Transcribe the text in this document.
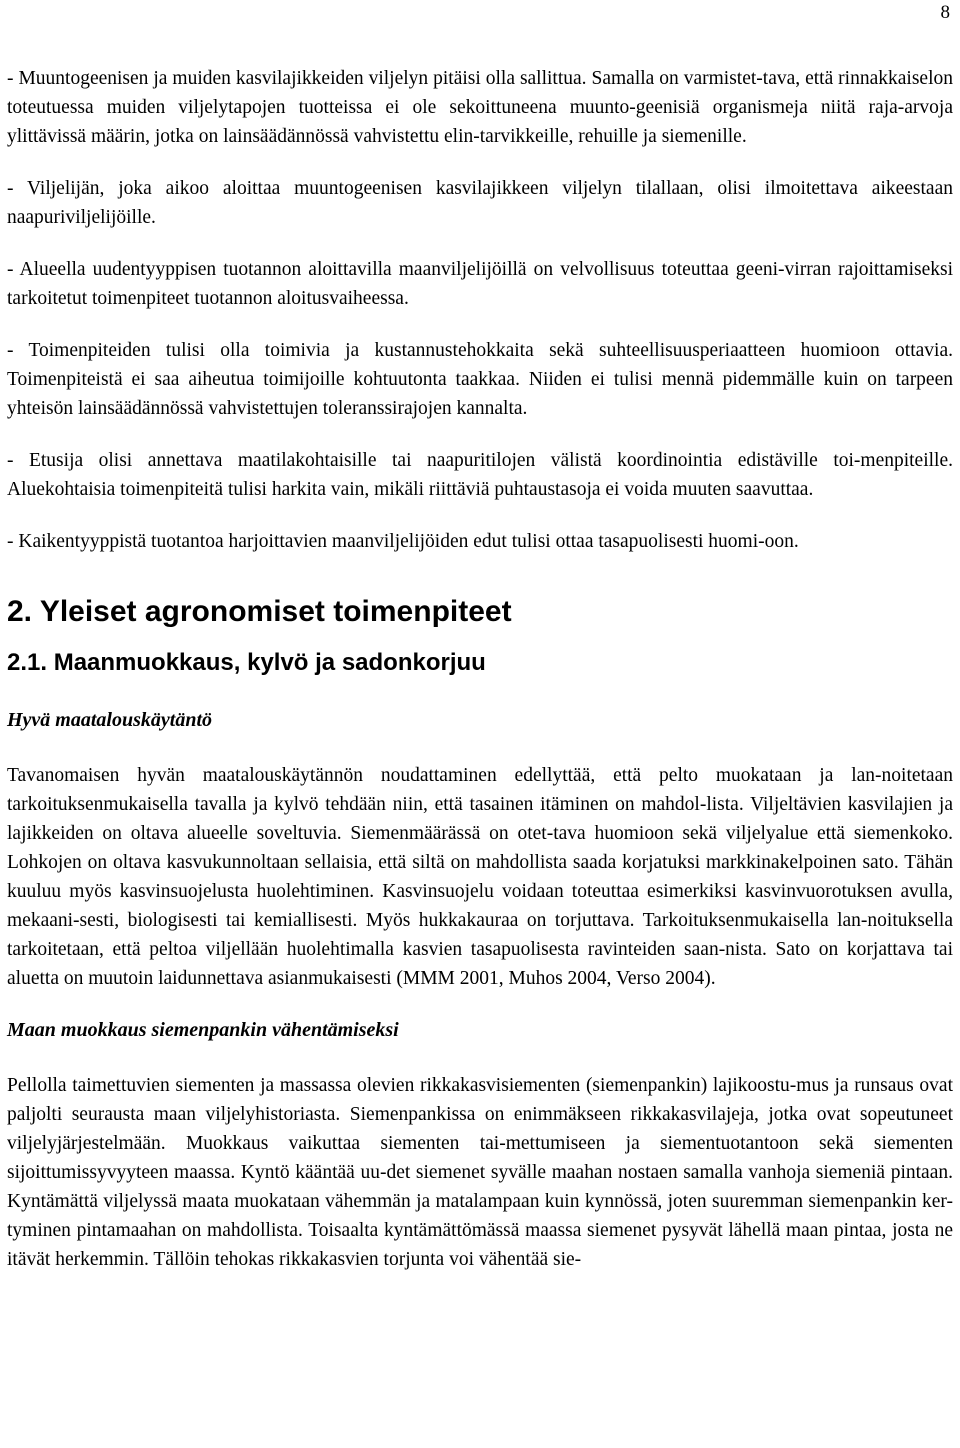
8

- Muuntogeenisen ja muiden kasvilajikkeiden viljelyn pitäisi olla sallittua. Samalla on varmistet-tava, että rinnakkaiselon toteutuessa muiden viljelytapojen tuotteissa ei ole sekoittuneena muunto-geenisiä organismeja niitä raja-arvoja ylittävissä määrin, jotka on lainsäädännössä vahvistettu elin-tarvikkeille, rehuille ja siemenille.

- Viljelijän, joka aikoo aloittaa muuntogeenisen kasvilajikkeen viljelyn tilallaan, olisi ilmoitettava aikeestaan naapuriviljelijöille.

- Alueella uudentyyppisen tuotannon aloittavilla maanviljelijöillä on velvollisuus toteuttaa geeni-virran rajoittamiseksi tarkoitetut toimenpiteet tuotannon aloitusvaiheessa.

- Toimenpiteiden tulisi olla toimivia ja kustannustehokkaita sekä suhteellisuusperiaatteen huomioon ottavia. Toimenpiteistä ei saa aiheutua toimijoille kohtuutonta taakkaa. Niiden ei tulisi mennä pidemmälle kuin on tarpeen yhteisön lainsäädännössä vahvistettujen toleranssirajojen kannalta.

- Etusija olisi annettava maatilakohtaisille tai naapuritilojen välistä koordinointia edistäville toi-menpiteille. Aluekohtaisia toimenpiteitä tulisi harkita vain, mikäli riittäviä puhtaustasoja ei voida muuten saavuttaa.

- Kaikentyyppistä tuotantoa harjoittavien maanviljelijöiden edut tulisi ottaa tasapuolisesti huomi-oon.

2. Yleiset agronomiset toimenpiteet
2.1. Maanmuokkaus, kylvö ja sadonkorjuu
Hyvä maatalouskäytäntö

Tavanomaisen hyvän maatalouskäytännön noudattaminen edellyttää, että pelto muokataan ja lan-noitetaan tarkoituksenmukaisella tavalla ja kylvö tehdään niin, että tasainen itäminen on mahdol-lista. Viljeltävien kasvilajien ja lajikkeiden on oltava alueelle soveltuvia. Siemenmäärässä on otet-tava huomioon sekä viljelyalue että siemenkoko. Lohkojen on oltava kasvukunnoltaan sellaisia, että siltä on mahdollista saada korjatuksi markkinakelpoinen sato. Tähän kuuluu myös kasvinsuojelusta huolehtiminen. Kasvinsuojelu voidaan toteuttaa esimerkiksi kasvinvuorotuksen avulla, mekaani-sesti, biologisesti tai kemiallisesti. Myös hukkakauraa on torjuttava. Tarkoituksenmukaisella lan-noituksella tarkoitetaan, että peltoa viljellään huolehtimalla kasvien tasapuolisesta ravinteiden saan-nista. Sato on korjattava tai aluetta on muutoin laidunnettava asianmukaisesti (MMM 2001, Muhos 2004, Verso 2004).

Maan muokkaus siemenpankin vähentämiseksi

Pellolla taimettuvien siementen ja massassa olevien rikkakasvisiementen (siemenpankin) lajikoostu-mus ja runsaus ovat paljolti seurausta maan viljelyhistoriasta. Siemenpankissa on enimmäkseen rikkakasvilajeja, jotka ovat sopeutuneet viljelyjärjestelmään. Muokkaus vaikuttaa siementen tai-mettumiseen ja siementuotantoon sekä siementen sijoittumissyvyyteen maassa. Kyntö kääntää uu-det siemenet syvälle maahan nostaen samalla vanhoja siemeniä pintaan. Kyntämättä viljelyssä maata muokataan vähemmän ja matalampaan kuin kynnössä, joten suuremman siemenpankin ker-tyminen pintamaahan on mahdollista. Toisaalta kyntämättömässä maassa siemenet pysyvät lähellä maan pintaa, josta ne itävät herkemmin. Tällöin tehokas rikkakasvien torjunta voi vähentää sie-
